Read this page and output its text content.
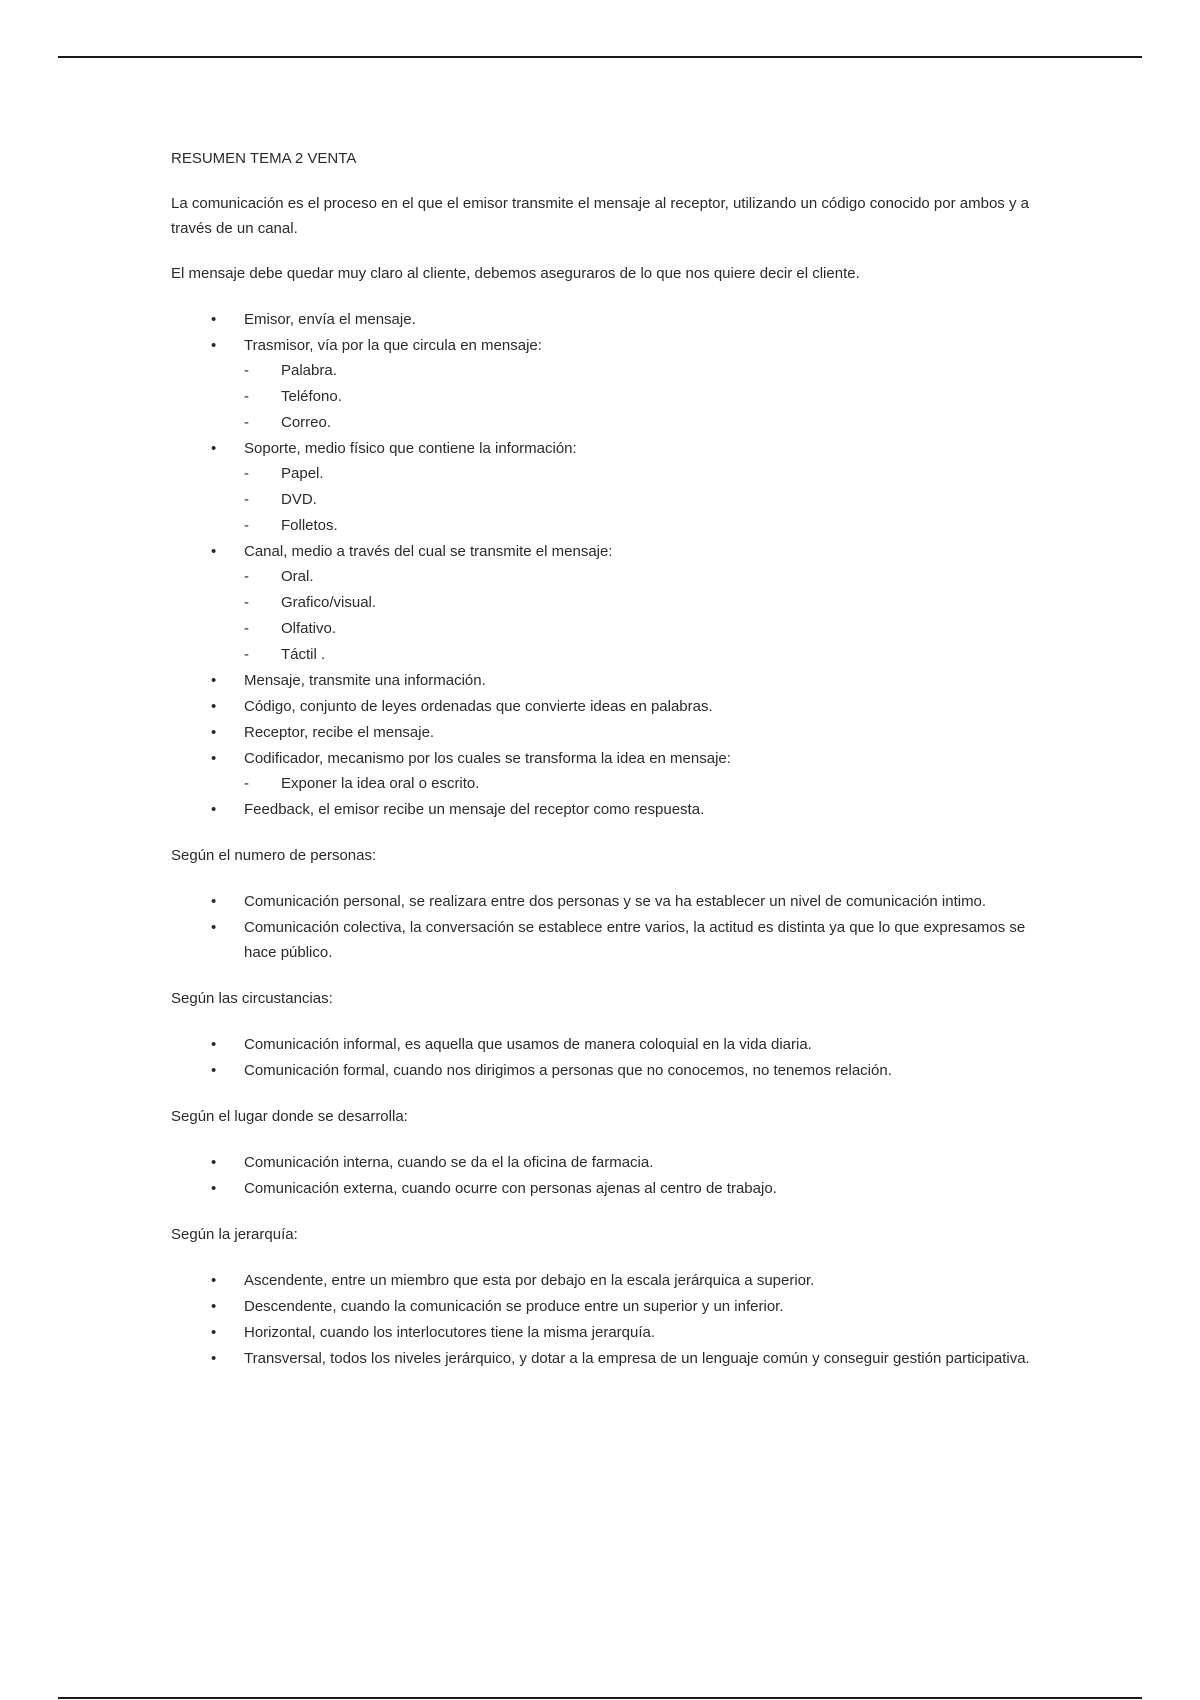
RESUMEN TEMA 2 VENTA

La comunicación es el proceso en el que el emisor transmite el mensaje al receptor, utilizando un código conocido por ambos y a través de un canal.

El mensaje debe quedar muy claro al cliente, debemos aseguraros de lo que nos quiere decir el cliente.

• Emisor, envía el mensaje.
• Trasmisor, vía por la que circula en mensaje:
- Palabra.
- Teléfono.
- Correo.
• Soporte, medio físico que contiene la información:
- Papel.
- DVD.
- Folletos.
• Canal, medio a través del cual se transmite el mensaje:
- Oral.
- Grafico/visual.
- Olfativo.
- Táctil .
• Mensaje, transmite una información.
• Código, conjunto de leyes ordenadas que convierte ideas en palabras.
• Receptor, recibe el mensaje.
• Codificador, mecanismo por los cuales se transforma la idea en mensaje:
- Exponer la idea oral o escrito.
• Feedback, el emisor recibe un mensaje del receptor como respuesta.

Según el numero de personas:

• Comunicación personal, se realizara entre dos personas y se va ha establecer un nivel de comunicación intimo.
• Comunicación colectiva, la conversación se establece entre varios, la actitud es distinta ya que lo que expresamos se hace público.

Según las circustancias:

• Comunicación informal, es aquella que usamos de manera coloquial en la vida diaria.
• Comunicación formal, cuando nos dirigimos a personas que no conocemos, no tenemos relación.

Según el lugar donde se desarrolla:

• Comunicación interna, cuando se da el la oficina de farmacia.
• Comunicación externa, cuando ocurre con personas ajenas al centro de trabajo.

Según la jerarquía:

• Ascendente, entre un miembro que esta por debajo en la escala jerárquica a superior.
• Descendente, cuando la comunicación se produce entre un superior y un inferior.
• Horizontal, cuando los interlocutores tiene la misma jerarquía.
• Transversal, todos los niveles jerárquico, y dotar a la empresa de un lenguaje común y conseguir gestión participativa.
